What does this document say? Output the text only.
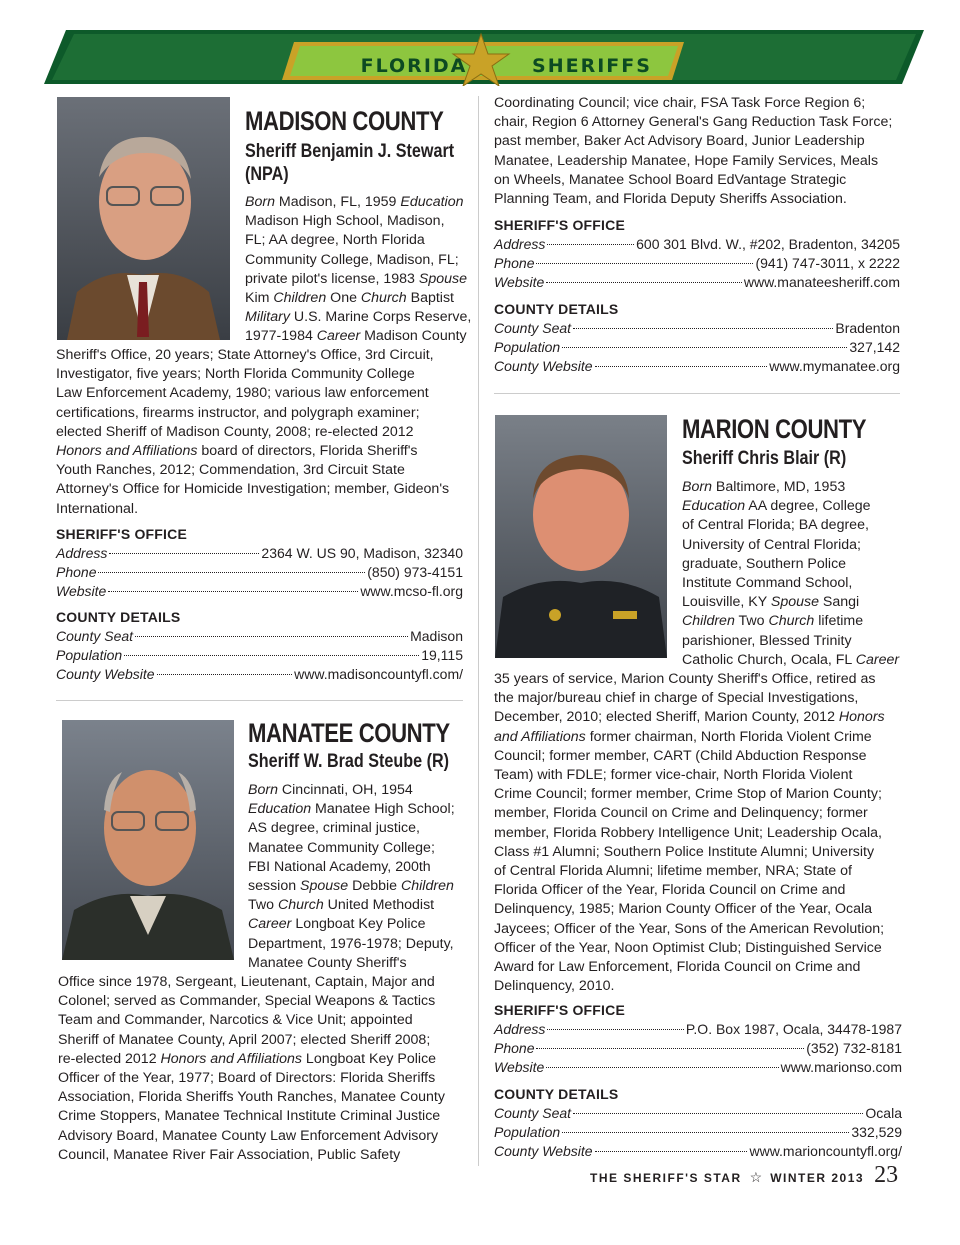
FLORIDA	SHERIFFS
MADISON COUNTY
Sheriff Benjamin J. Stewart
(NPA)
Born Madison, FL, 1959 Education
Madison High School, Madison,
FL; AA degree, North Florida
Community College, Madison, FL;
private pilot's license, 1983 Spouse
Kim Children One Church Baptist
Military U.S. Marine Corps Reserve,
1977-1984 Career Madison County
Sheriff's Office, 20 years; State Attorney's Office, 3rd Circuit,
Investigator, five years; North Florida Community College
Law Enforcement Academy, 1980; various law enforcement
certifications, firearms instructor, and polygraph examiner;
elected Sheriff of Madison County, 2008; re-elected 2012
Honors and Affiliations board of directors, Florida Sheriff's
Youth Ranches, 2012; Commendation, 3rd Circuit State
Attorney's Office for Homicide Investigation; member, Gideon's
International.
SHERIFF'S OFFICE
Address	2364 W. US 90, Madison, 32340
Phone	(850) 973-4151
Website	www.mcso-fl.org
COUNTY DETAILS
County Seat	Madison
Population	19,115
County Website	www.madisoncountyfl.com/
MANATEE COUNTY
Sheriff W. Brad Steube (R)
Born Cincinnati, OH, 1954
Education Manatee High School;
AS degree, criminal justice,
Manatee Community College;
FBI National Academy, 200th
session Spouse Debbie Children
Two Church United Methodist
Career Longboat Key Police
Department, 1976-1978; Deputy,
Manatee County Sheriff's
Office since 1978, Sergeant, Lieutenant, Captain, Major and
Colonel; served as Commander, Special Weapons & Tactics
Team and Commander, Narcotics & Vice Unit; appointed
Sheriff of Manatee County, April 2007; elected Sheriff 2008;
re-elected 2012 Honors and Affiliations Longboat Key Police
Officer of the Year, 1977; Board of Directors: Florida Sheriffs
Association, Florida Sheriffs Youth Ranches, Manatee County
Crime Stoppers, Manatee Technical Institute Criminal Justice
Advisory Board, Manatee County Law Enforcement Advisory
Council, Manatee River Fair Association, Public Safety
Coordinating Council; vice chair, FSA Task Force Region 6;
chair, Region 6 Attorney General's Gang Reduction Task Force;
past member, Baker Act Advisory Board, Junior Leadership
Manatee, Leadership Manatee, Hope Family Services, Meals
on Wheels, Manatee School Board EdVantage Strategic
Planning Team, and Florida Deputy Sheriffs Association.
SHERIFF'S OFFICE
Address	600 301 Blvd. W., #202, Bradenton, 34205
Phone	(941) 747-3011, x 2222
Website	www.manateesheriff.com
COUNTY DETAILS
County Seat	Bradenton
Population	327,142
County Website	www.mymanatee.org
MARION COUNTY
Sheriff Chris Blair (R)
Born Baltimore, MD, 1953
Education AA degree, College
of Central Florida; BA degree,
University of Central Florida;
graduate, Southern Police
Institute Command School,
Louisville, KY Spouse Sangi
Children Two Church lifetime
parishioner, Blessed Trinity
Catholic Church, Ocala, FL Career
35 years of service, Marion County Sheriff's Office, retired as
the major/bureau chief in charge of Special Investigations,
December, 2010; elected Sheriff, Marion County, 2012 Honors
and Affiliations former chairman, North Florida Violent Crime
Council; former member, CART (Child Abduction Response
Team) with FDLE; former vice-chair, North Florida Violent
Crime Council; former member, Crime Stop of Marion County;
member, Florida Council on Crime and Delinquency; former
member, Florida Robbery Intelligence Unit; Leadership Ocala,
Class #1 Alumni; Southern Police Institute Alumni; University
of Central Florida Alumni; lifetime member, NRA; State of
Florida Officer of the Year, Florida Council on Crime and
Delinquency, 1985; Marion County Officer of the Year, Ocala
Jaycees; Officer of the Year, Sons of the American Revolution;
Officer of the Year, Noon Optimist Club; Distinguished Service
Award for Law Enforcement, Florida Council on Crime and
Delinquency, 2010.
SHERIFF'S OFFICE
Address	P.O. Box 1987, Ocala, 34478-1987
Phone	(352) 732-8181
Website	www.marionso.com
COUNTY DETAILS
County Seat	Ocala
Population	332,529
County Website	www.marioncountyfl.org/
THE SHERIFF'S STAR ☆ WINTER 2013 23
